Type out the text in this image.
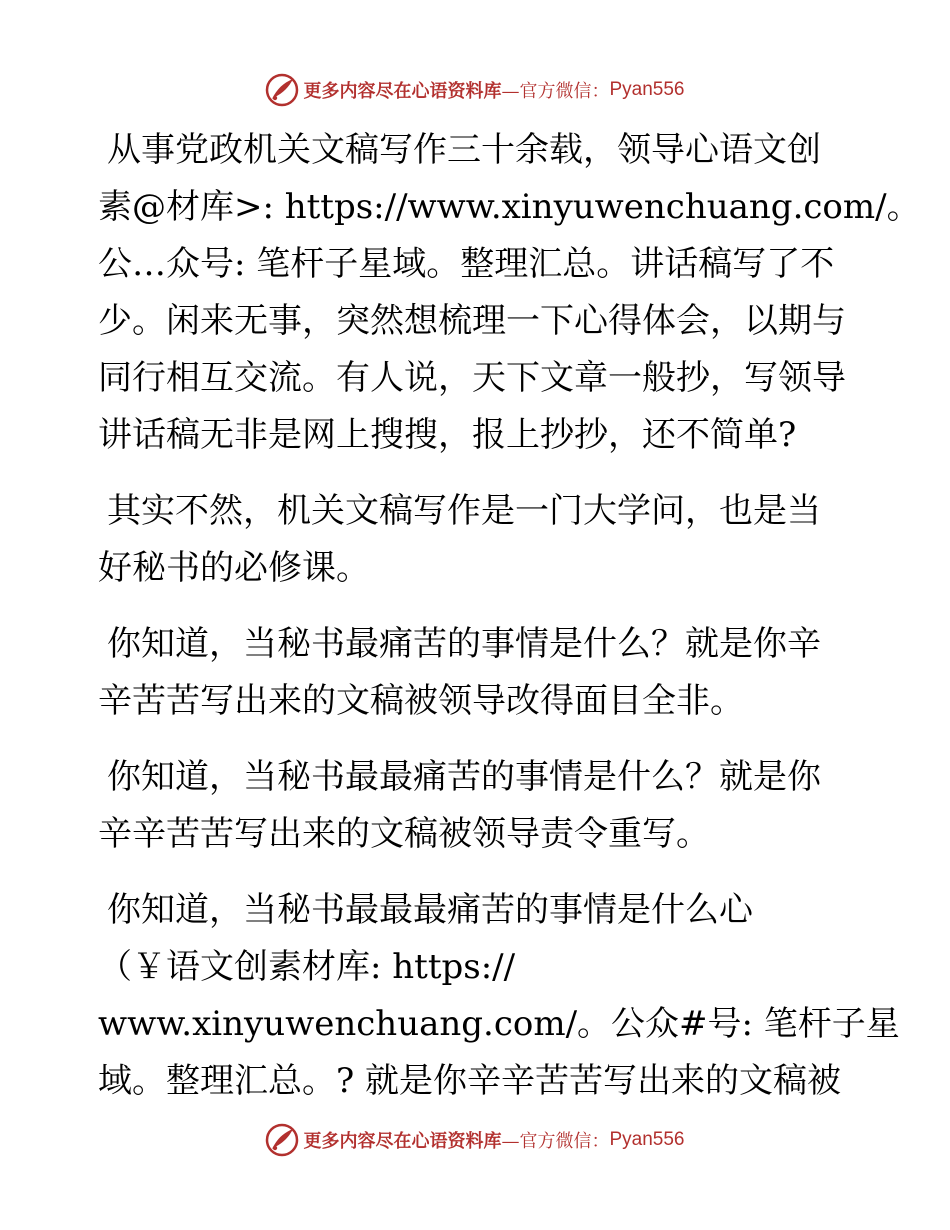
更多内容尽在心语资料库 —官方微信： Pyan556

从事党政机关文稿写作三十余载，领导心语文创

素@材库>: https://www.xinyuwenchuang.com/。

公…众号: 笔杆子星域。整理汇总。讲话稿写了不

少。闲来无事，突然想梳理一下心得体会，以期与

同行相互交流。有人说，天下文章一般抄，写领导

讲话稿无非是网上搜搜，报上抄抄，还不简单?

其实不然，机关文稿写作是一门大学问，也是当

好秘书的必修课。

你知道，当秘书最痛苦的事情是什么？就是你辛

辛苦苦写出来的文稿被领导改得面目全非。

你知道，当秘书最最痛苦的事情是什么？就是你

辛辛苦苦写出来的文稿被领导责令重写。

你知道，当秘书最最最痛苦的事情是什么心

（￥语文创素材库: https://

www.xinyuwenchuang.com/。公众#号: 笔杆子星

域。整理汇总。? 就是你辛辛苦苦写出来的文稿被

更多内容尽在心语资料库 —官方微信： Pyan556
